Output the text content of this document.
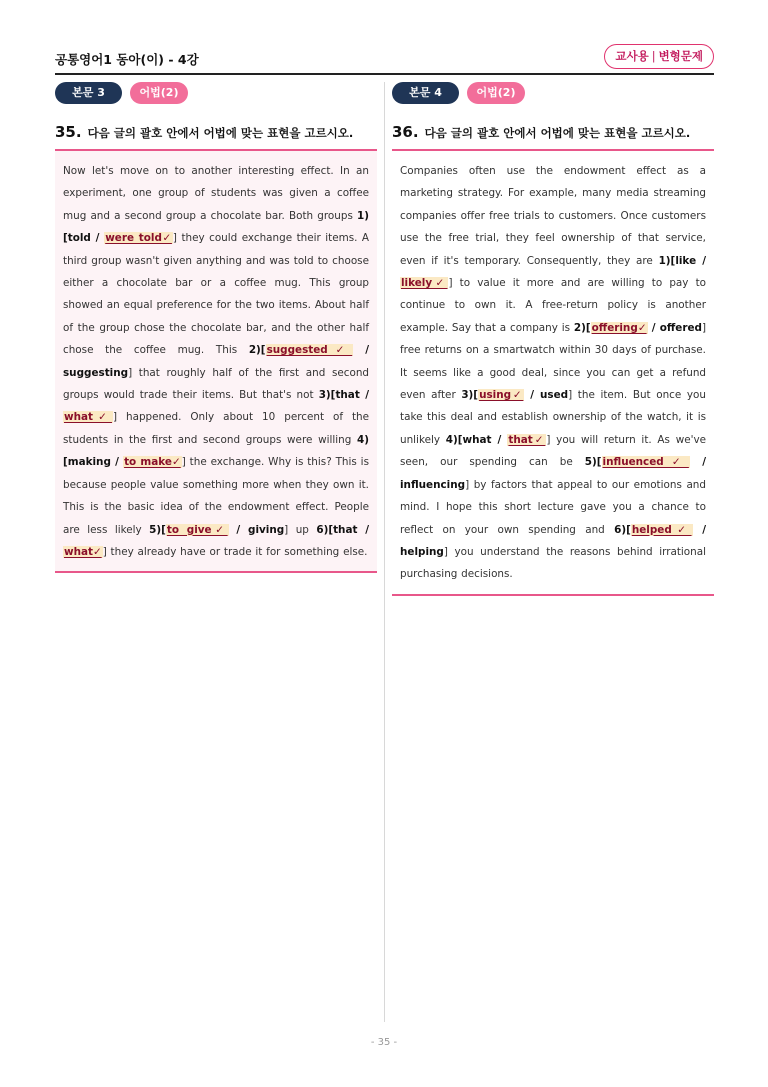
공통영어1 동아(이) - 4강	교사용 | 변형문제
본문 3	어법(2)
35. 다음 글의 괄호 안에서 어법에 맞는 표현을 고르시오.

Now let's move on to another interesting effect. In an experiment, one group of students was given a coffee mug and a second group a chocolate bar. Both groups 1)[told / were told✓] they could exchange their items. A third group wasn't given anything and was told to choose either a chocolate bar or a coffee mug. This group showed an equal preference for the two items. About half of the group chose the chocolate bar, and the other half chose the coffee mug. This 2)[suggested✓ / suggesting] that roughly half of the first and second groups would trade their items. But that's not 3)[that / what✓] happened. Only about 10 percent of the students in the first and second groups were willing 4)[making / to make✓] the exchange. Why is this? This is because people value something more when they own it. This is the basic idea of the endowment effect. People are less likely 5)[to give✓ / giving] up 6)[that / what✓] they already have or trade it for something else.

본문 4	어법(2)
36. 다음 글의 괄호 안에서 어법에 맞는 표현을 고르시오.

Companies often use the endowment effect as a marketing strategy. For example, many media streaming companies offer free trials to customers. Once customers use the free trial, they feel ownership of that service, even if it's temporary. Consequently, they are 1)[like / likely✓] to value it more and are willing to pay to continue to own it. A free-return policy is another example. Say that a company is 2)[offering✓ / offered] free returns on a smartwatch within 30 days of purchase. It seems like a good deal, since you can get a refund even after 3)[using✓ / used] the item. But once you take this deal and establish ownership of the watch, it is unlikely 4)[what / that✓] you will return it. As we've seen, our spending can be 5)[influenced✓ / influencing] by factors that appeal to our emotions and mind. I hope this short lecture gave you a chance to reflect on your own spending and 6)[helped✓ / helping] you understand the reasons behind irrational purchasing decisions.

- 35 -
